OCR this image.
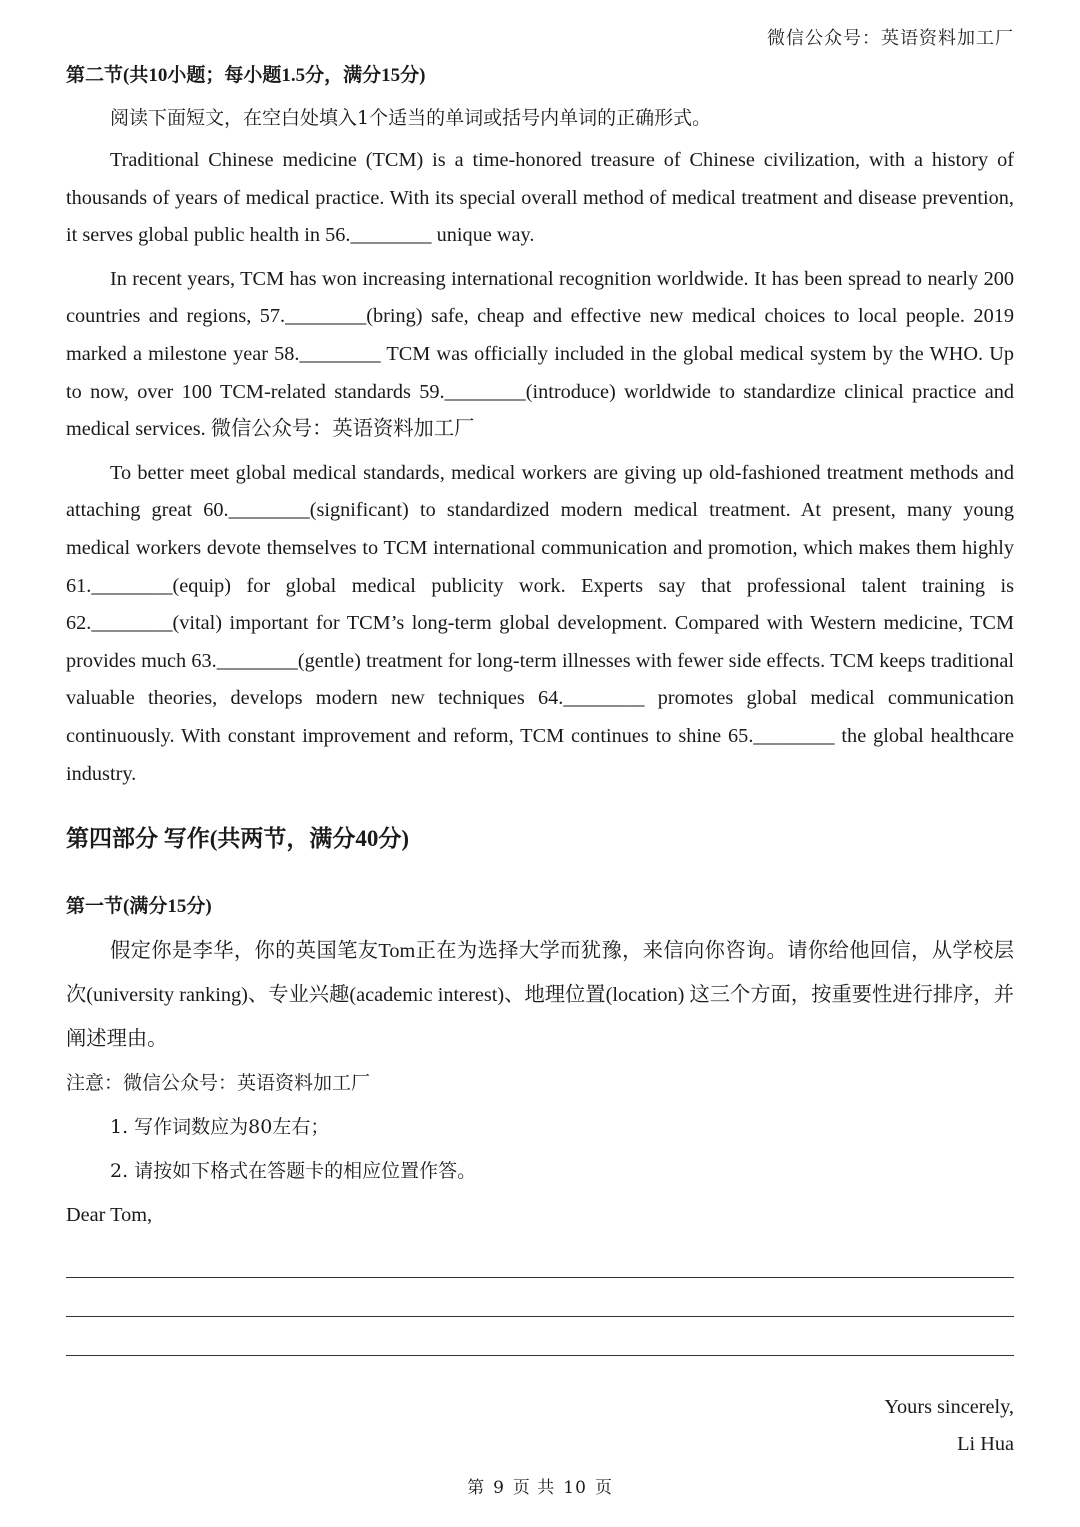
微信公众号：英语资料加工厂

第二节(共10小题；每小题1.5分，满分15分)

阅读下面短文，在空白处填入1个适当的单词或括号内单词的正确形式。

Traditional Chinese medicine (TCM) is a time-honored treasure of Chinese civilization, with a history of thousands of years of medical practice. With its special overall method of medical treatment and disease prevention, it serves global public health in 56.________ unique way.

In recent years, TCM has won increasing international recognition worldwide. It has been spread to nearly 200 countries and regions, 57.________(bring) safe, cheap and effective new medical choices to local people. 2019 marked a milestone year 58.________ TCM was officially included in the global medical system by the WHO. Up to now, over 100 TCM-related standards 59.________(introduce) worldwide to standardize clinical practice and medical services. 微信公众号：英语资料加工厂

To better meet global medical standards, medical workers are giving up old-fashioned treatment methods and attaching great 60.________(significant) to standardized modern medical treatment. At present, many young medical workers devote themselves to TCM international communication and promotion, which makes them highly 61.________(equip) for global medical publicity work. Experts say that professional talent training is 62.________(vital) important for TCM’s long-term global development. Compared with Western medicine, TCM provides much 63.________(gentle) treatment for long-term illnesses with fewer side effects. TCM keeps traditional valuable theories, develops modern new techniques 64.________ promotes global medical communication continuously. With constant improvement and reform, TCM continues to shine 65.________ the global healthcare industry.

第四部分 写作(共两节，满分40分)

第一节(满分15分)

假定你是李华，你的英国笔友Tom正在为选择大学而犹豫，来信向你咨询。请你给他回信，从学校层次(university ranking)、专业兴趣(academic interest)、地理位置(location) 这三个方面，按重要性进行排序，并阐述理由。

注意：微信公众号：英语资料加工厂

1. 写作词数应为80左右；

2. 请按如下格式在答题卡的相应位置作答。

Dear Tom,

Yours sincerely,
Li Hua
第 9 页 共 10 页
